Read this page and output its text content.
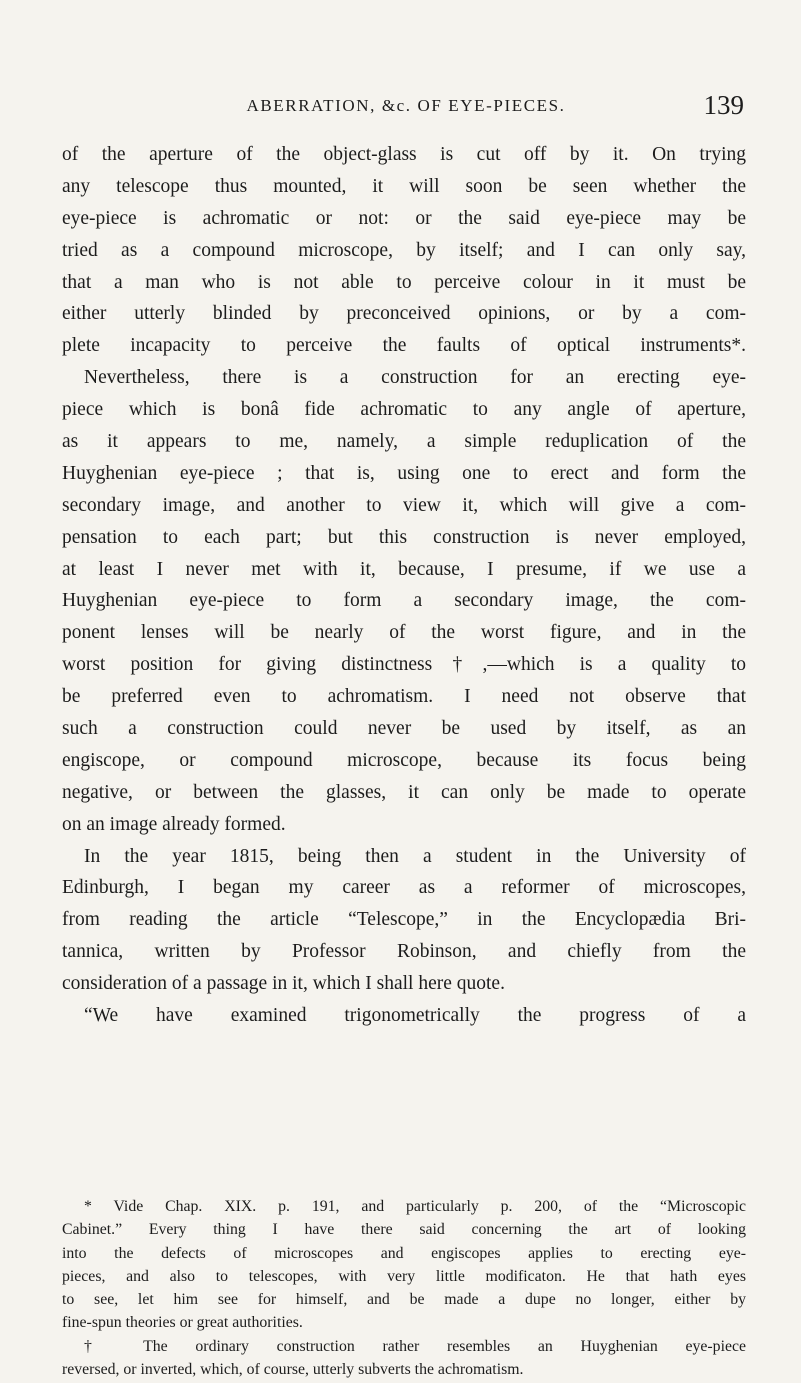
ABERRATION, &c. OF EYE-PIECES.	139
of the aperture of the object-glass is cut off by it. On trying
any telescope thus mounted, it will soon be seen whether the
eye-piece is achromatic or not: or the said eye-piece may be
tried as a compound microscope, by itself; and I can only say,
that a man who is not able to perceive colour in it must be
either utterly blinded by preconceived opinions, or by a com-
plete incapacity to perceive the faults of optical instruments*.
Nevertheless, there is a construction for an erecting eye-
piece which is bonâ fide achromatic to any angle of aperture,
as it appears to me, namely, a simple reduplication of the
Huyghenian eye-piece ; that is, using one to erect and form the
secondary image, and another to view it, which will give a com-
pensation to each part; but this construction is never employed,
at least I never met with it, because, I presume, if we use a
Huyghenian eye-piece to form a secondary image, the com-
ponent lenses will be nearly of the worst figure, and in the
worst position for giving distinctness†,—which is a quality to
be preferred even to achromatism. I need not observe that
such a construction could never be used by itself, as an
engiscope, or compound microscope, because its focus being
negative, or between the glasses, it can only be made to operate
on an image already formed.
In the year 1815, being then a student in the University of
Edinburgh, I began my career as a reformer of microscopes,
from reading the article “Telescope,” in the Encyclopædia Bri-
tannica, written by Professor Robinson, and chiefly from the
consideration of a passage in it, which I shall here quote.
“We have examined trigonometrically the progress of a
* Vide Chap. XIX. p. 191, and particularly p. 200, of the “Microscopic
Cabinet.” Every thing I have there said concerning the art of looking
into the defects of microscopes and engiscopes applies to erecting eye-
pieces, and also to telescopes, with very little modificaton. He that hath eyes
to see, let him see for himself, and be made a dupe no longer, either by
fine-spun theories or great authorities.
† The ordinary construction rather resembles an Huyghenian eye-piece
reversed, or inverted, which, of course, utterly subverts the achromatism.
